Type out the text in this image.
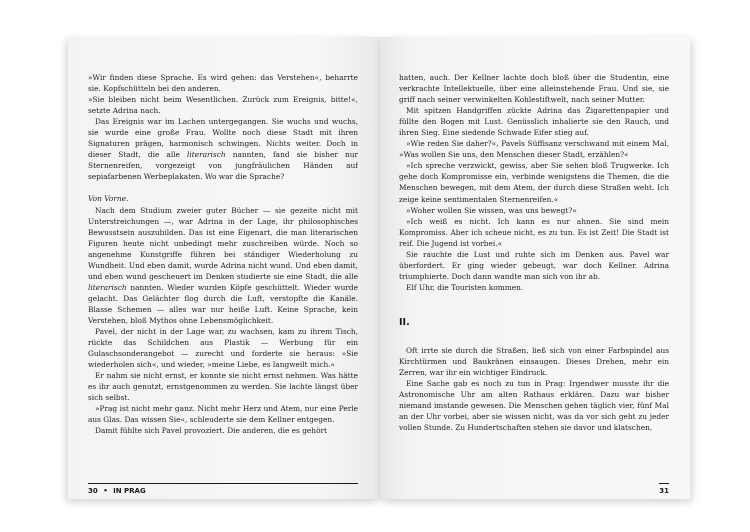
»Wir finden diese Sprache. Es wird gehen: das Verstehen«, beharrte sie. Kopfschütteln bei den anderen.

»Sie bleiben nicht beim Wesentlichen. Zurück zum Ereignis, bitte!«, setzte Adrina nach.

Das Ereignis war im Lachen untergegangen. Sie wuchs und wuchs, sie wurde eine große Frau. Wollte noch diese Stadt mit ihren Signaturen prägen, harmonisch schwingen. Nichts weiter. Doch in dieser Stadt, die alle literarisch nannten, fand sie bisher nur Sternenreifen, vorgezeigt von jungfräulichen Händen auf sepiafarbenen Werbeplakaten. Wo war die Sprache?

Von Vorne.

Nach dem Studium zweier guter Bücher — sie gezeite nicht mit Unterstreichungen —, war Adrina in der Lage, ihr philosophisches Bewusstsein auszubilden. Das ist eine Eigenart, die man literarischen Figuren heute nicht unbedingt mehr zuschreiben würde. Noch so angenehme Kunstgriffe führen bei ständiger Wiederholung zu Wundheit. Und eben damit, wurde Adrina nicht wund. Und eben damit, und eben wund gescheuert im Denken studierte sie eine Stadt, die alle literarisch nannten. Wieder wurden Köpfe geschüttelt. Wieder wurde gelacht. Das Gelächter flog durch die Luft, verstopfte die Kanäle. Blasse Schemen — alles war nur heiße Luft. Keine Sprache, kein Verstehen, bloß Mythos ohne Lebensmöglichkeit.

Pavel, der nicht in der Lage war, zu wachsen, kam zu ihrem Tisch, rückte das Schildchen aus Plastik — Werbung für ein Gulaschsonderangebot — zurecht und forderte sie heraus: »Sie wiederholen sich«, und wieder, »meine Liebe, es langweilt mich.«

Er nahm sie nicht ernst, er konnte sie nicht ernst nehmen. Was hätte es ihr auch genutzt, ernstgenommen zu werden. Sie lachte längst über sich selbst.

»Prag ist nicht mehr ganz. Nicht mehr Herz und Atem, nur eine Perle aus Glas. Das wissen Sie«, schleuderte sie dem Kellner entgegen.

Damit fühlte sich Pavel provoziert. Die anderen, die es gehört

30 • IN PRAG

hatten, auch. Der Kellner lachte doch bloß über die Studentin, eine verkrachte Intellektuelle, über eine alleinstehende Frau. Und sie, sie griff nach seiner verwinkelten Kohlestiftwelt, nach seiner Mutter.

Mit spitzen Handgriffen zückte Adrina das Zigarettenpapier und füllte den Bogen mit Lust. Genüsslich inhalierte sie den Rauch, und ihren Sieg. Eine siedende Schwade Eifer stieg auf.

»Wie reden Sie daher?«, Pavels Süffisanz verschwand mit einem Mal, »Was wollen Sie uns, den Menschen dieser Stadt, erzählen?«

»Ich spreche verzwickt, gewiss, aber Sie sehen bloß Trugwerke. Ich gehe doch Kompromisse ein, verbinde wenigstens die Themen, die die Menschen bewegen, mit dem Atem, der durch diese Straßen weht. Ich zeige keine sentimentalen Sternenreifen.«

»Woher wollen Sie wissen, was uns bewegt?«

»Ich weiß es nicht. Ich kann es nur ahnen. Sie sind mein Kompromiss. Aber ich scheue nicht, es zu tun. Es ist Zeit! Die Stadt ist reif. Die Jugend ist vorbei.«

Sie rauchte die Lust und ruhte sich im Denken aus. Pavel war überfordert. Er ging wieder gebeugt, war doch Kellner. Adrina triumphierte. Doch dann wandte man sich von ihr ab.

Elf Uhr, die Touristen kommen.

II.

Oft irrte sie durch die Straßen, ließ sich von einer Farbspindel aus Kirchtürmen und Baukränen einsaugen. Dieses Drehen, mehr ein Zerren, war ihr ein wichtiger Eindruck.

Eine Sache gab es noch zu tun in Prag: Irgendwer musste ihr die Astronomische Uhr am alten Rathaus erklären. Dazu war bisher niemand imstande gewesen. Die Menschen gehen täglich vier, fünf Mal an der Uhr vorbei, aber sie wissen nicht, was da vor sich geht zu jeder vollen Stunde. Zu Hundertschaften stehen sie davor und klatschen,

31
